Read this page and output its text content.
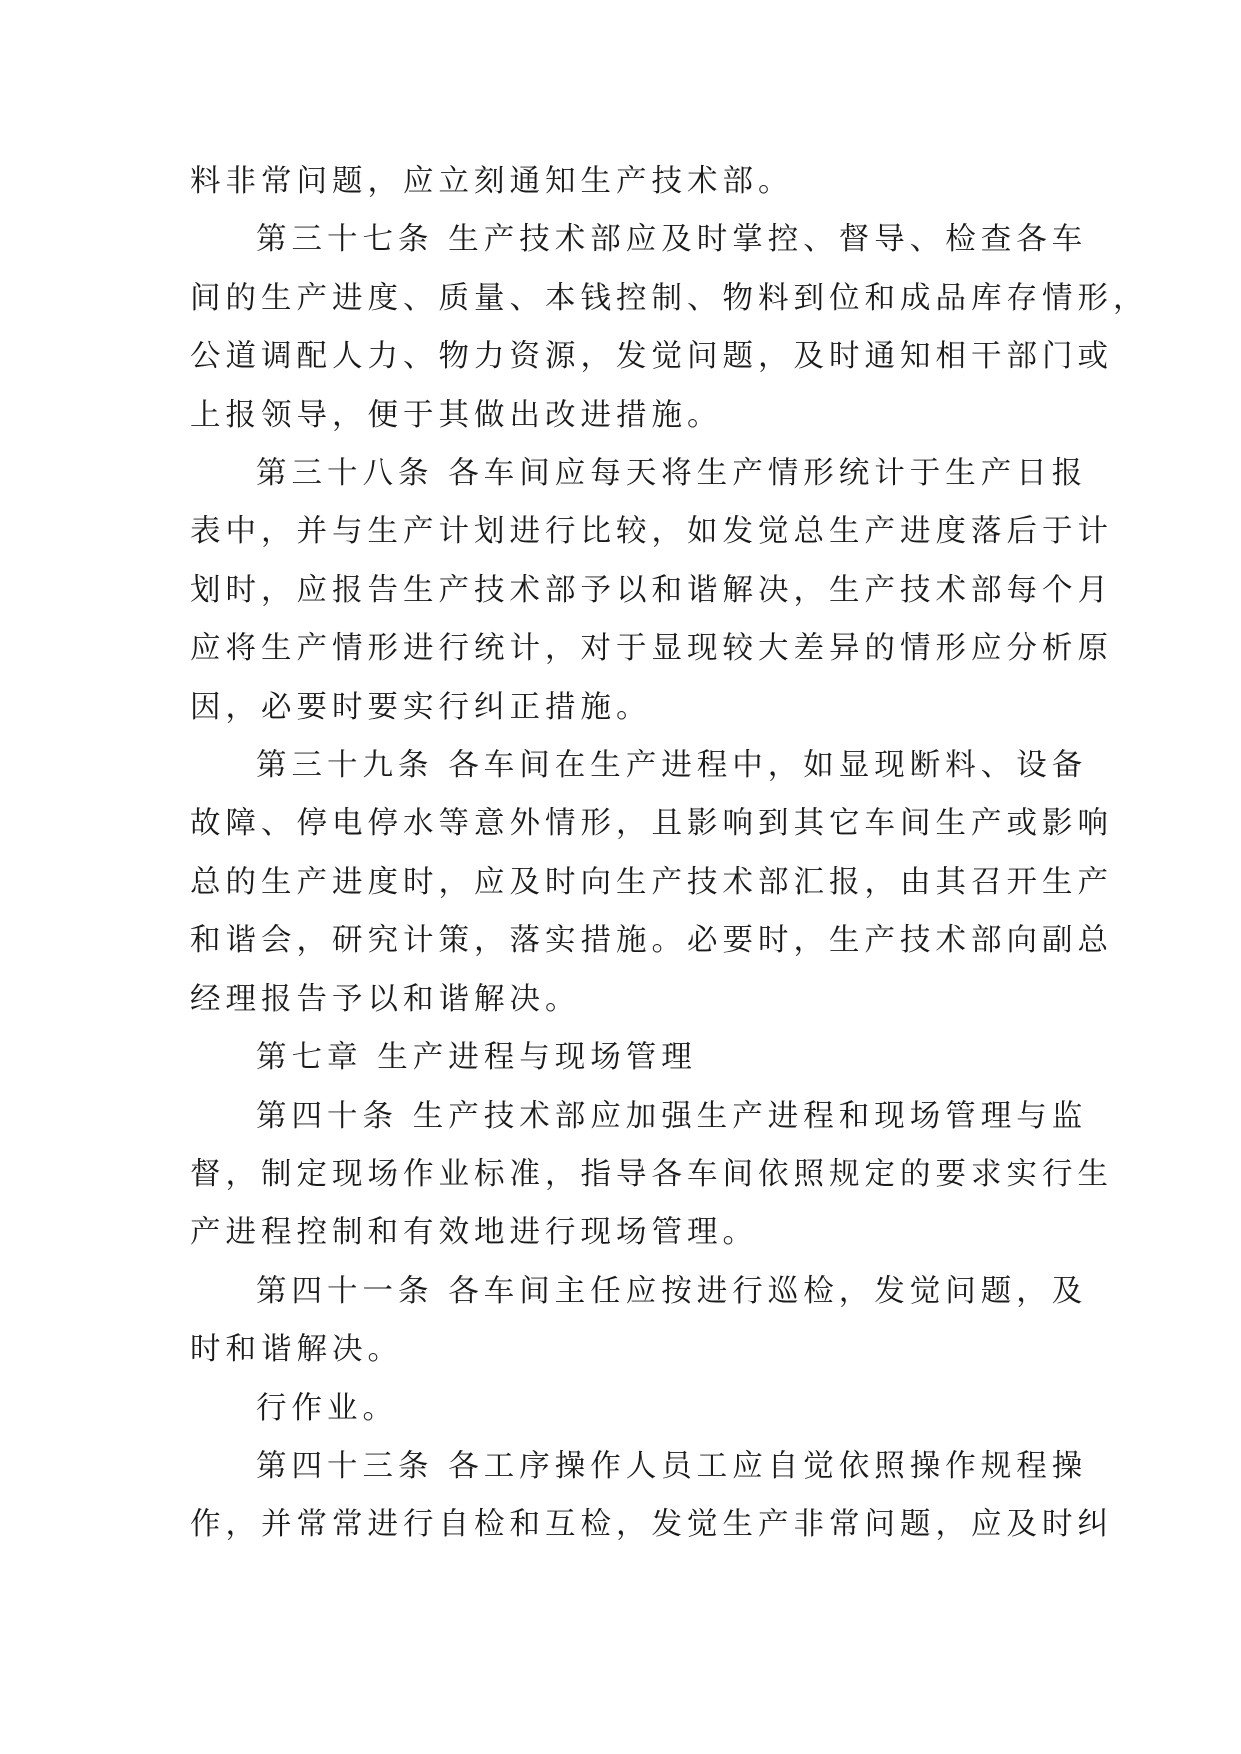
料非常问题，应立刻通知生产技术部。
第三十七条 生产技术部应及时掌控、督导、检查各车
间的生产进度、质量、本钱控制、物料到位和成品库存情形，
公道调配人力、物力资源，发觉问题，及时通知相干部门或
上报领导，便于其做出改进措施。
第三十八条 各车间应每天将生产情形统计于生产日报
表中，并与生产计划进行比较，如发觉总生产进度落后于计
划时，应报告生产技术部予以和谐解决，生产技术部每个月
应将生产情形进行统计，对于显现较大差异的情形应分析原
因，必要时要实行纠正措施。
第三十九条 各车间在生产进程中，如显现断料、设备
故障、停电停水等意外情形，且影响到其它车间生产或影响
总的生产进度时，应及时向生产技术部汇报，由其召开生产
和谐会，研究计策，落实措施。必要时，生产技术部向副总
经理报告予以和谐解决。
第七章 生产进程与现场管理
第四十条 生产技术部应加强生产进程和现场管理与监
督，制定现场作业标准，指导各车间依照规定的要求实行生
产进程控制和有效地进行现场管理。
第四十一条 各车间主任应按进行巡检，发觉问题，及
时和谐解决。
行作业。
第四十三条 各工序操作人员工应自觉依照操作规程操
作，并常常进行自检和互检，发觉生产非常问题，应及时纠
